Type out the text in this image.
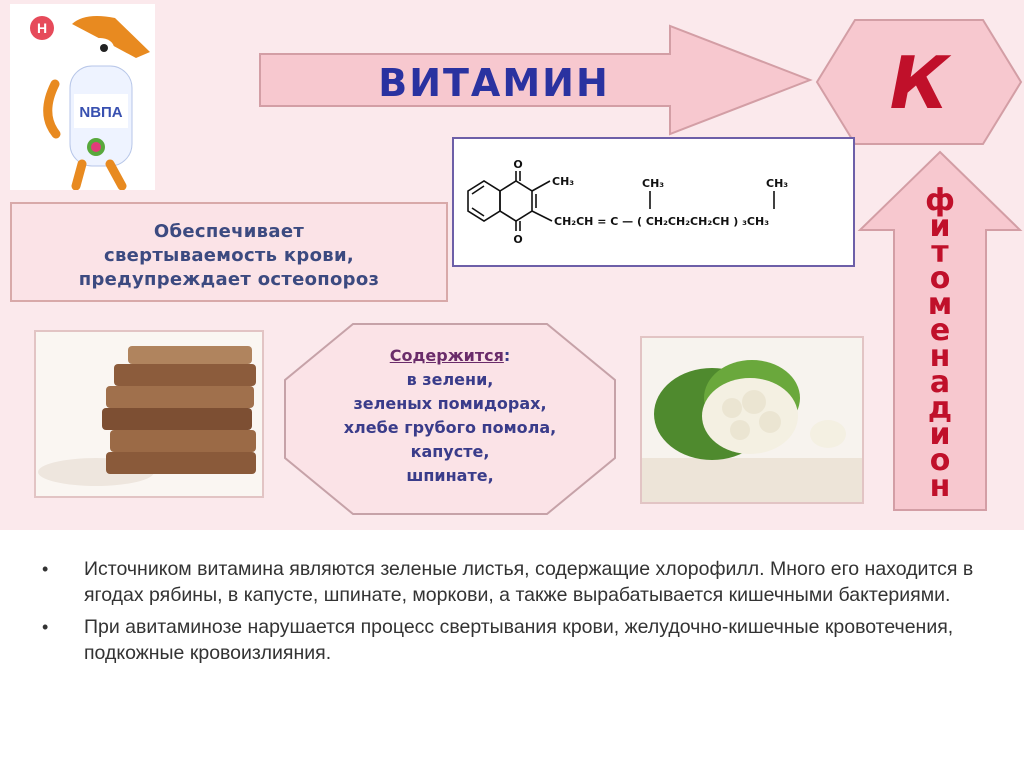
H
NBПА
ВИТАМИН	К
ф
и
т
о
м
е
н
а
д
и
о
н
Обеспечивает
свертываемость крови,
предупреждает остеопороз
O
O
CH₃	CH₃	CH₃
CH₂CH = C — ( CH₂CH₂CH₂CH ) ₃CH₃
Содержится:
в зелени,
зеленых помидорах,
хлебе грубого помола,
капусте,
шпинате,
•	Источником витамина являются зеленые листья, содержащие хлорофилл. Много его находится в ягодах рябины, в капусте, шпинате, моркови, а также вырабатывается кишечными бактериями.
•	При авитаминозе нарушается процесс свертывания крови, желудочно-кишечные кровотечения, подкожные кровоизлияния.
